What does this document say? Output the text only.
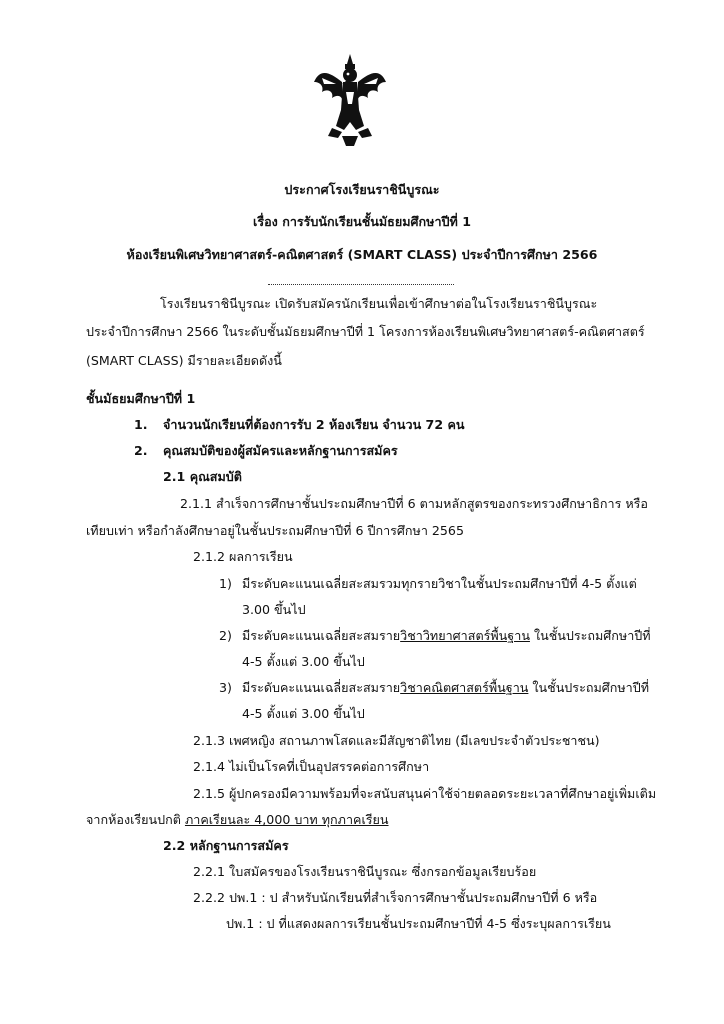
ประกาศโรงเรียนราชินีบูรณะ
เรื่อง การรับนักเรียนชั้นมัธยมศึกษาปีที่ 1
ห้องเรียนพิเศษวิทยาศาสตร์-คณิตศาสตร์ (SMART CLASS) ประจำปีการศึกษา 2566
โรงเรียนราชินีบูรณะ เปิดรับสมัครนักเรียนเพื่อเข้าศึกษาต่อในโรงเรียนราชินีบูรณะ
ประจำปีการศึกษา 2566 ในระดับชั้นมัธยมศึกษาปีที่ 1 โครงการห้องเรียนพิเศษวิทยาศาสตร์-คณิตศาสตร์
(SMART CLASS) มีรายละเอียดดังนี้
ชั้นมัธยมศึกษาปีที่ 1
1. จำนวนนักเรียนที่ต้องการรับ 2 ห้องเรียน จำนวน 72 คน
2. คุณสมบัติของผู้สมัครและหลักฐานการสมัคร
2.1 คุณสมบัติ
2.1.1 สำเร็จการศึกษาชั้นประถมศึกษาปีที่ 6 ตามหลักสูตรของกระทรวงศึกษาธิการ หรือ
เทียบเท่า หรือกำลังศึกษาอยู่ในชั้นประถมศึกษาปีที่ 6 ปีการศึกษา 2565
2.1.2 ผลการเรียน
1) มีระดับคะแนนเฉลี่ยสะสมรวมทุกรายวิชาในชั้นประถมศึกษาปีที่ 4-5 ตั้งแต่
3.00 ขึ้นไป
2) มีระดับคะแนนเฉลี่ยสะสมรายวิชาวิทยาศาสตร์พื้นฐาน ในชั้นประถมศึกษาปีที่
4-5 ตั้งแต่ 3.00 ขึ้นไป
3) มีระดับคะแนนเฉลี่ยสะสมรายวิชาคณิตศาสตร์พื้นฐาน ในชั้นประถมศึกษาปีที่
4-5 ตั้งแต่ 3.00 ขึ้นไป
2.1.3 เพศหญิง สถานภาพโสดและมีสัญชาติไทย (มีเลขประจำตัวประชาชน)
2.1.4 ไม่เป็นโรคที่เป็นอุปสรรคต่อการศึกษา
2.1.5 ผู้ปกครองมีความพร้อมที่จะสนับสนุนค่าใช้จ่ายตลอดระยะเวลาที่ศึกษาอยู่เพิ่มเติม
จากห้องเรียนปกติ ภาคเรียนละ 4,000 บาท ทุกภาคเรียน
2.2 หลักฐานการสมัคร
2.2.1 ใบสมัครของโรงเรียนราชินีบูรณะ ซึ่งกรอกข้อมูลเรียบร้อย
2.2.2 ปพ.1 : ป สำหรับนักเรียนที่สำเร็จการศึกษาชั้นประถมศึกษาปีที่ 6 หรือ
ปพ.1 : ป ที่แสดงผลการเรียนชั้นประถมศึกษาปีที่ 4-5 ซึ่งระบุผลการเรียน
